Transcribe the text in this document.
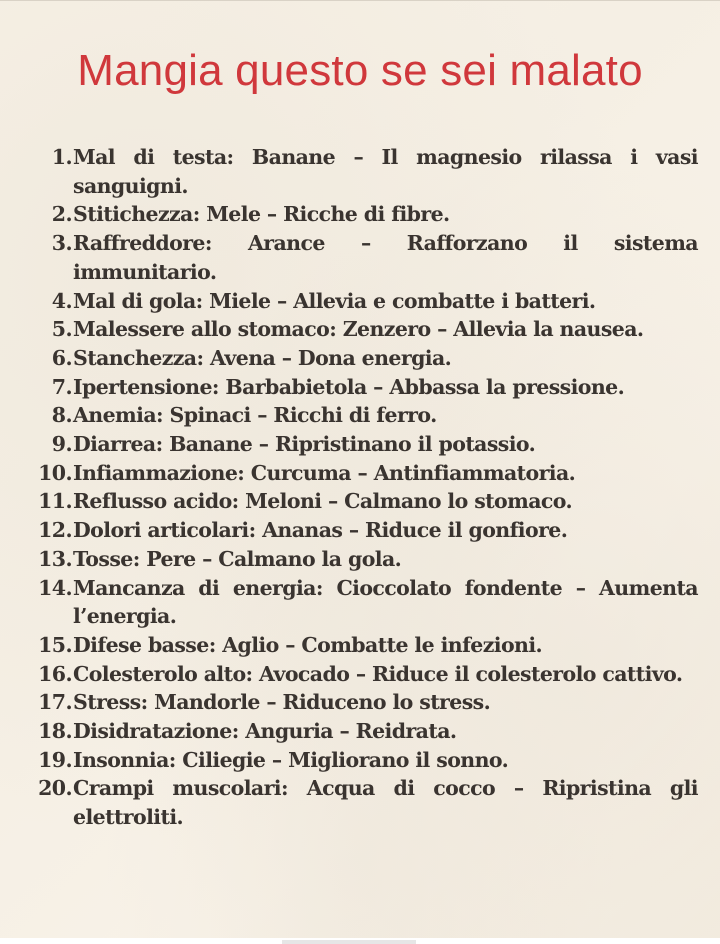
Mangia questo se sei malato
1. Mal di testa: Banane – Il magnesio rilassa i vasi sanguigni.
2. Stitichezza: Mele – Ricche di fibre.
3. Raffreddore: Arance – Rafforzano il sistema immunitario.
4. Mal di gola: Miele – Allevia e combatte i batteri.
5. Malessere allo stomaco: Zenzero – Allevia la nausea.
6. Stanchezza: Avena – Dona energia.
7. Ipertensione: Barbabietola – Abbassa la pressione.
8. Anemia: Spinaci – Ricchi di ferro.
9. Diarrea: Banane – Ripristinano il potassio.
10. Infiammazione: Curcuma – Antinfiammatoria.
11. Reflusso acido: Meloni – Calmano lo stomaco.
12. Dolori articolari: Ananas – Riduce il gonfiore.
13. Tosse: Pere – Calmano la gola.
14. Mancanza di energia: Cioccolato fondente – Aumenta l’energia.
15. Difese basse: Aglio – Combatte le infezioni.
16. Colesterolo alto: Avocado – Riduce il colesterolo cattivo.
17. Stress: Mandorle – Riduceno lo stress.
18. Disidratazione: Anguria – Reidrata.
19. Insonnia: Ciliegie – Migliorano il sonno.
20. Crampi muscolari: Acqua di cocco – Ripristina gli elettroliti.
